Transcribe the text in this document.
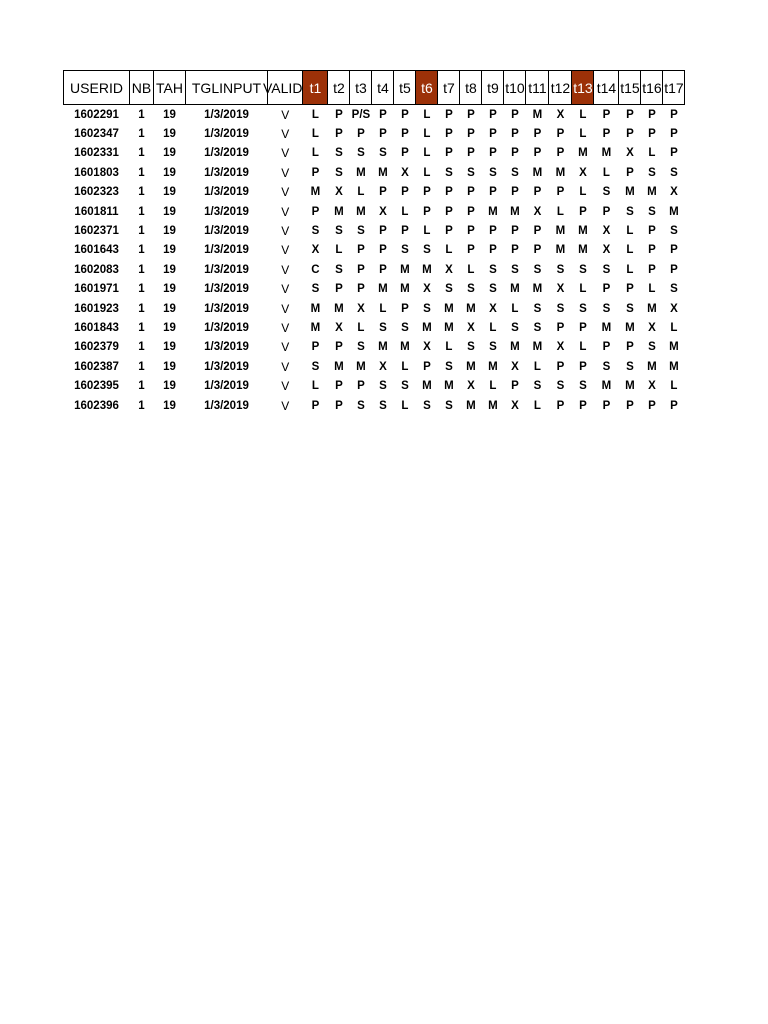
USERID	NB	TAH	TGLINPUT	VALID	t1	t2	t3	t4	t5	t6	t7	t8	t9	t10	t11	t12	t13	t14	t15	t16	t17
1602291	1	19	1/3/2019	V	L	P	P/S	P	P	L	P	P	P	P	M	X	L	P	P	P	P
1602347	1	19	1/3/2019	V	L	P	P	P	P	L	P	P	P	P	P	P	L	P	P	P	P
1602331	1	19	1/3/2019	V	L	S	S	S	P	L	P	P	P	P	P	P	M	M	X	L	P
1601803	1	19	1/3/2019	V	P	S	M	M	X	L	S	S	S	S	M	M	X	L	P	S	S
1602323	1	19	1/3/2019	V	M	X	L	P	P	P	P	P	P	P	P	P	L	S	M	M	X
1601811	1	19	1/3/2019	V	P	M	M	X	L	P	P	P	M	M	X	L	P	P	S	S	M
1602371	1	19	1/3/2019	V	S	S	S	P	P	L	P	P	P	P	P	M	M	X	L	P	S
1601643	1	19	1/3/2019	V	X	L	P	P	S	S	L	P	P	P	P	M	M	X	L	P	P
1602083	1	19	1/3/2019	V	C	S	P	P	M	M	X	L	S	S	S	S	S	S	L	P	P
1601971	1	19	1/3/2019	V	S	P	P	M	M	X	S	S	S	M	M	X	L	P	P	L	S
1601923	1	19	1/3/2019	V	M	M	X	L	P	S	M	M	X	L	S	S	S	S	S	M	X
1601843	1	19	1/3/2019	V	M	X	L	S	S	M	M	X	L	S	S	P	P	M	M	X	L
1602379	1	19	1/3/2019	V	P	P	S	M	M	X	L	S	S	M	M	X	L	P	P	S	M
1602387	1	19	1/3/2019	V	S	M	M	X	L	P	S	M	M	X	L	P	P	S	S	M	M
1602395	1	19	1/3/2019	V	L	P	P	S	S	M	M	X	L	P	S	S	S	M	M	X	L
1602396	1	19	1/3/2019	V	P	P	S	S	L	S	S	M	M	X	L	P	P	P	P	P	P
